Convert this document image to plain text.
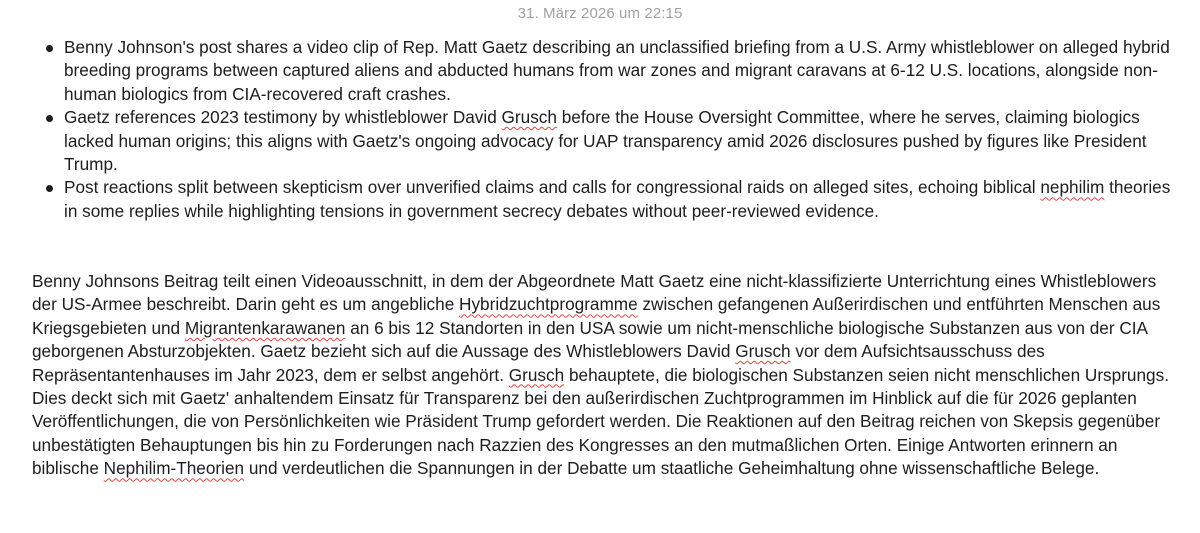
31. März 2026 um 22:15
Benny Johnson's post shares a video clip of Rep. Matt Gaetz describing an unclassified briefing from a U.S. Army whistleblower on alleged hybrid breeding programs between captured aliens and abducted humans from war zones and migrant caravans at 6-12 U.S. locations, alongside non-human biologics from CIA-recovered craft crashes.
Gaetz references 2023 testimony by whistleblower David Grusch before the House Oversight Committee, where he serves, claiming biologics lacked human origins; this aligns with Gaetz's ongoing advocacy for UAP transparency amid 2026 disclosures pushed by figures like President Trump.
Post reactions split between skepticism over unverified claims and calls for congressional raids on alleged sites, echoing biblical nephilim theories in some replies while highlighting tensions in government secrecy debates without peer-reviewed evidence.

Benny Johnsons Beitrag teilt einen Videoausschnitt, in dem der Abgeordnete Matt Gaetz eine nicht-klassifizierte Unterrichtung eines Whistleblowers der US-Armee beschreibt. Darin geht es um angebliche Hybridzuchtprogramme zwischen gefangenen Außerirdischen und entführten Menschen aus Kriegsgebieten und Migrantenkarawanen an 6 bis 12 Standorten in den USA sowie um nicht-menschliche biologische Substanzen aus von der CIA geborgenen Absturzobjekten. Gaetz bezieht sich auf die Aussage des Whistleblowers David Grusch vor dem Aufsichtsausschuss des Repräsentantenhauses im Jahr 2023, dem er selbst angehört. Grusch behauptete, die biologischen Substanzen seien nicht menschlichen Ursprungs. Dies deckt sich mit Gaetz' anhaltendem Einsatz für Transparenz bei den außerirdischen Zuchtprogrammen im Hinblick auf die für 2026 geplanten Veröffentlichungen, die von Persönlichkeiten wie Präsident Trump gefordert werden. Die Reaktionen auf den Beitrag reichen von Skepsis gegenüber unbestätigten Behauptungen bis hin zu Forderungen nach Razzien des Kongresses an den mutmaßlichen Orten. Einige Antworten erinnern an biblische Nephilim-Theorien und verdeutlichen die Spannungen in der Debatte um staatliche Geheimhaltung ohne wissenschaftliche Belege.
